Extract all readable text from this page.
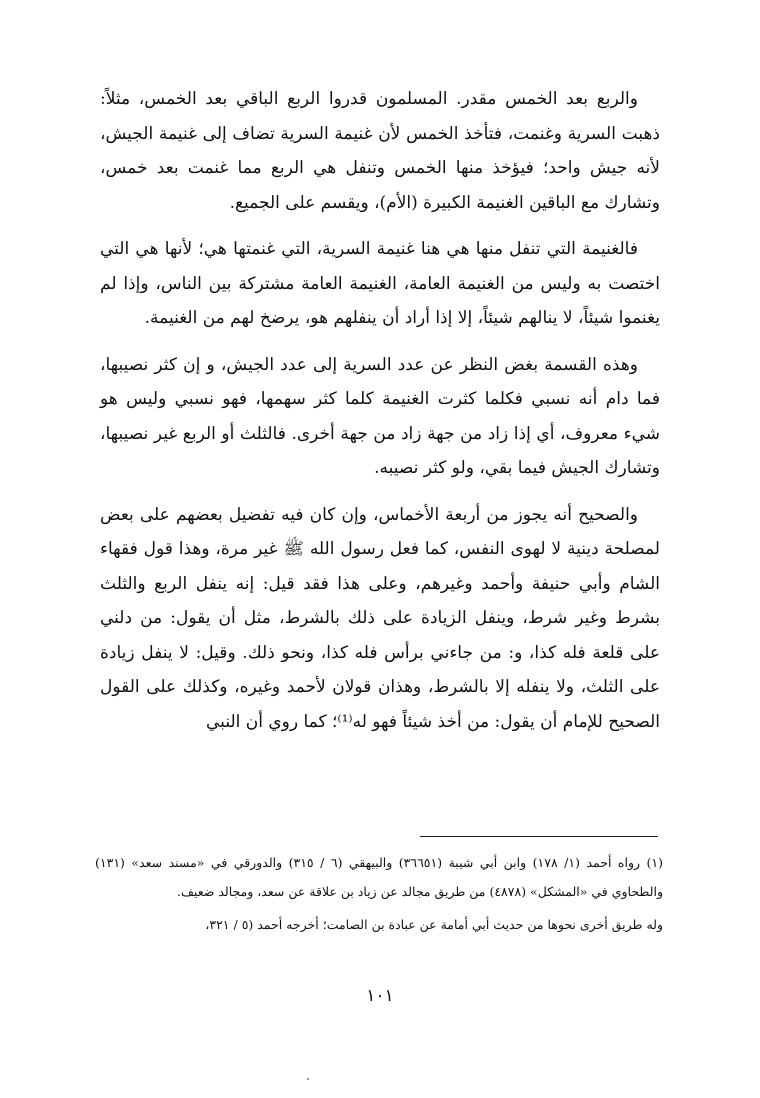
والربع بعد الخمس مقدر. المسلمون قدروا الربع الباقي بعد الخمس، مثلاً: ذهبت السرية وغنمت، فتأخذ الخمس لأن غنيمة السرية تضاف إلى غنيمة الجيش، لأنه جيش واحد؛ فيؤخذ منها الخمس وتنفل هي الربع مما غنمت بعد خمس، وتشارك مع الباقين الغنيمة الكبيرة (الأم)، ويقسم على الجميع.

فالغنيمة التي تنفل منها هي هنا غنيمة السرية، التي غنمتها هي؛ لأنها هي التي اختصت به وليس من الغنيمة العامة، الغنيمة العامة مشتركة بين الناس، وإذا لم يغنموا شيئاً، لا ينالهم شيئاً، إلا إذا أراد أن ينفلهم هو، يرضخ لهم من الغنيمة.

وهذه القسمة بغض النظر عن عدد السرية إلى عدد الجيش، و إن كثر نصيبها، فما دام أنه نسبي فكلما كثرت الغنيمة كلما كثر سهمها، فهو نسبي وليس هو شيء معروف، أي إذا زاد من جهة زاد من جهة أخرى. فالثلث أو الربع غير نصيبها، وتشارك الجيش فيما بقي، ولو كثر نصيبه.

والصحيح أنه يجوز من أربعة الأخماس، وإن كان فيه تفضيل بعضهم على بعض لمصلحة دينية لا لهوى النفس، كما فعل رسول الله ﷺ غير مرة، وهذا قول فقهاء الشام وأبي حنيفة وأحمد وغيرهم، وعلى هذا فقد قيل: إنه ينفل الربع والثلث بشرط وغير شرط، وينفل الزيادة على ذلك بالشرط، مثل أن يقول: من دلني على قلعة فله كذا، و: من جاءني برأس فله كذا، ونحو ذلك. وقيل: لا ينفل زيادة على الثلث، ولا ينفله إلا بالشرط، وهذان قولان لأحمد وغيره، وكذلك على القول الصحيح للإمام أن يقول: من أخذ شيئاً فهو له⁽¹⁾؛ كما روي أن النبي

(١) رواه أحمد (١/ ١٧٨) وابن أبي شيبة (٣٦٦٥١) والبيهقي (٦ / ٣١٥) والدورقي في «مسند سعد» (١٣١) والطحاوي في «المشكل» (٤٨٧٨) من طريق مجالد عن زياد بن علاقة عن سعد، ومجالد ضعيف.

وله طريق أخرى نحوها من حديث أبي أمامة عن عبادة بن الصامت؛ أخرجه أحمد (٥ / ٣٢١،

١٠١
